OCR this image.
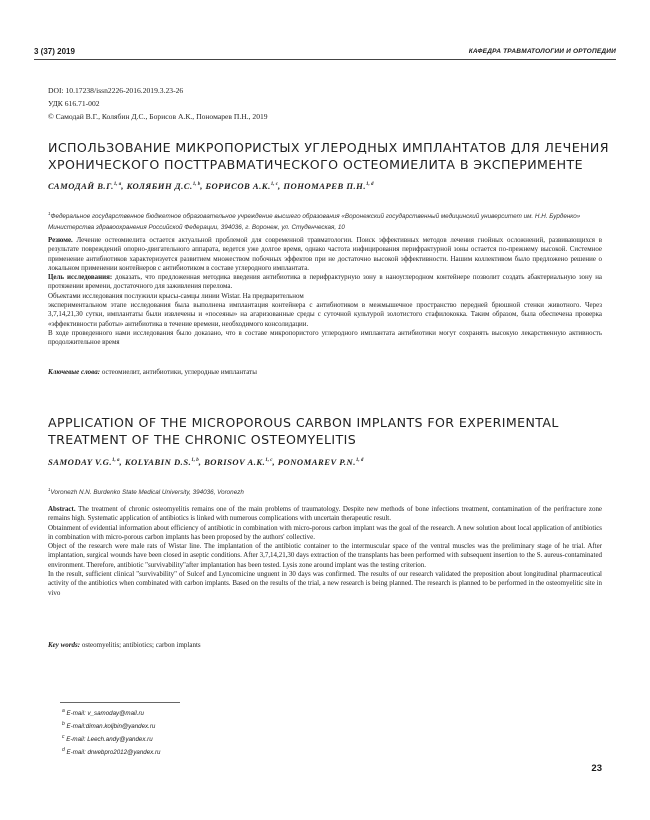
3 (37) 2019	КАФЕДРА ТРАВМАТОЛОГИИ И ОРТОПЕДИИ
DOI: 10.17238/issn2226-2016.2019.3.23-26
УДК 616.71-002
© Самодай В.Г., Колябин Д.С., Борисов А.К., Пономарев П.Н., 2019
ИСПОЛЬЗОВАНИЕ МИКРОПОРИСТЫХ УГЛЕРОДНЫХ ИМПЛАНТАТОВ ДЛЯ ЛЕЧЕНИЯ ХРОНИЧЕСКОГО ПОСТТРАВМАТИЧЕСКОГО ОСТЕОМИЕЛИТА В ЭКСПЕРИМЕНТЕ
САМОДАЙ В.Г.$^{1, a}$, КОЛЯБИН Д.С.$^{1, b}$, БОРИСОВ А.К.$^{1, c}$, ПОНОМАРЕВ П.Н.$^{1, d}$
$^1$Федеральное государственное бюджетное образовательное учреждение высшего образования «Воронежский государственный медицинский университет им. Н.Н. Бурденко» Министерства здравоохранения Российской Федерации, 394036, г. Воронеж, ул. Студенческая, 10

Резюме. Лечение остеомиелита остается актуальной проблемой для современной травматологии. Поиск эффективных методов лечения гнойных осложнений, развивающихся в результате повреждений опорно-двигательного аппарата, ведется уже долгое время, однако частота инфицирования перифрактурной зоны остается по-прежнему высокой. Системное применение антибиотиков характеризуется развитием множеством побочных эффектов при не достаточно высокой эффективности. Нашим коллективом было предложено решение о локальном применении контейнеров с антибиотиком в составе углеродного имплантата.

Цель исследования: доказать, что предложенная методика введения антибиотика в перифрактурную зону в наноуглеродном контейнере позволит создать абактериальную зону на протяжении времени, достаточного для заживления перелома.

Объектами исследования послужили крысы-самцы линии Wistar. На предварительном

экспериментальном этапе исследования была выполнена имплантация контейнера с антибиотиком в межмышечное пространство передней брюшной стенки животного. Через 3,7,14,21,30 сутки, имплантаты были извлечены и «посеяны» на агаризованные среды с суточной культурой золотистого стафилококка. Таким образом, была обеспечена проверка «эффективности работы» антибиотика в течение времени, необходимого консолидации.

В ходе проведенного нами исследования было доказано, что в составе микропористого углеродного имплантата антибиотики могут сохранять высокую лекарственную активность продолжительное время

Ключевые слова: остеомиелит, антибиотики, углеродные имплантаты
APPLICATION OF THE MICROPOROUS CARBON IMPLANTS FOR EXPERIMENTAL TREATMENT OF THE CHRONIC OSTEOMYELITIS
SAMODAY V.G.$^{1, a}$, KOLYABIN D.S.$^{1, b}$, BORISOV A.K.$^{1, c}$, PONOMAREV P.N.$^{1, d}$
$^1$Voronezh N.N. Burdenko State Medical University, 394036, Voronezh

Abstract. The treatment of chronic osteomyelitis remains one of the main problems of traumatology. Despite new methods of bone infections treatment, contamination of the perifracture zone remains high. Systematic application of antibiotics is linked with numerous complications with uncertain therapeutic result.

Obtainment of evidential information about efficiency of antibiotic in combination with micro-porous carbon implant was the goal of the research. A new solution about local application of antibiotics in combination with micro-porous carbon implants has been proposed by the authors' collective.

Object of the research were male rats of Wistar line. The implantation of the antibiotic container to the intermuscular space of the ventral muscles was the preliminary stage of he trial. After implantation, surgical wounds have been closed in aseptic conditions. After 3,7,14,21,30 days extraction of the transplants has been performed with subsequent insertion to the S. aureus-contaminated environment. Therefore, antibiotic "survivability"after implantation has been tested. Lysis zone around implant was the testing criterion.

In the result, sufficient clinical "survivability" of Sulcef and Lyncomicine unguent in 30 days was confirmed. The results of our research validated the preposition about longitudinal pharmaceutical activity of the antibiotics when combinated with carbon implants. Based on the results of the trial, a new research is being planned. The research is planned to be performed in the osteomyelitic site in vivo

Key words: osteomyelitis; antibiotics; carbon implants
$^a$ E-mail: v_samoday@mail.ru
$^b$ E-mail:diman.koljbin@yandex.ru
$^c$ E-mail: Leech.andy@yandex.ru
$^d$ E-mail: drwebpro2012@yandex.ru
23
